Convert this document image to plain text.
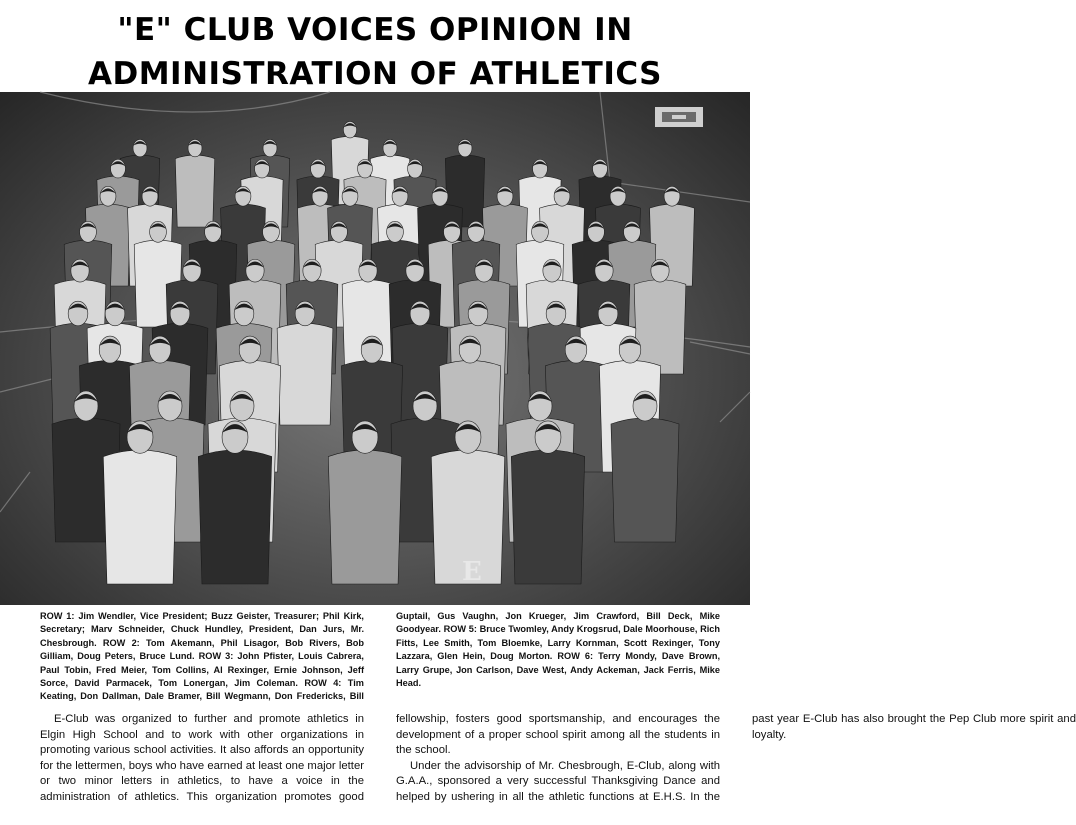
"E" CLUB VOICES OPINION IN
ADMINISTRATION OF ATHLETICS
E
ROW 1: Jim Wendler, Vice President; Buzz Geister, Treasurer; Phil Kirk, Secretary; Marv Schneider, Chuck Hundley, President, Dan Jurs, Mr. Chesbrough. ROW 2: Tom Akemann, Phil Lisagor, Bob Rivers, Bob Gilliam, Doug Peters, Bruce Lund. ROW 3: John Pfister, Louis Cabrera, Paul Tobin, Fred Meier, Tom Collins, Al Rexinger, Ernie Johnson, Jeff Sorce, David Parmacek, Tom Lonergan, Jim Coleman. ROW 4: Tim Keating, Don Dallman, Dale Bramer, Bill Wegmann, Don Fredericks, Bill Guptail, Gus Vaughn, Jon Krueger, Jim Crawford, Bill Deck, Mike Goodyear. ROW 5: Bruce Twomley, Andy Krogsrud, Dale Moorhouse, Rich Fitts, Lee Smith, Tom Bloemke, Larry Kornman, Scott Rexinger, Tony Lazzara, Glen Hein, Doug Morton. ROW 6: Terry Mondy, Dave Brown, Larry Grupe, Jon Carlson, Dave West, Andy Ackeman, Jack Ferris, Mike Head.

E-Club was organized to further and promote athletics in Elgin High School and to work with other organizations in promoting various school activities. It also affords an opportunity for the lettermen, boys who have earned at least one major letter or two minor letters in athletics, to have a voice in the administration of athletics. This organization promotes good fellowship, fosters good sportsmanship, and encourages the development of a proper school spirit among all the students in the school.

Under the advisorship of Mr. Chesbrough, E-Club, along with G.A.A., sponsored a very successful Thanksgiving Dance and helped by ushering in all the athletic functions at E.H.S. In the past year E-Club has also brought the Pep Club more spirit and loyalty.
